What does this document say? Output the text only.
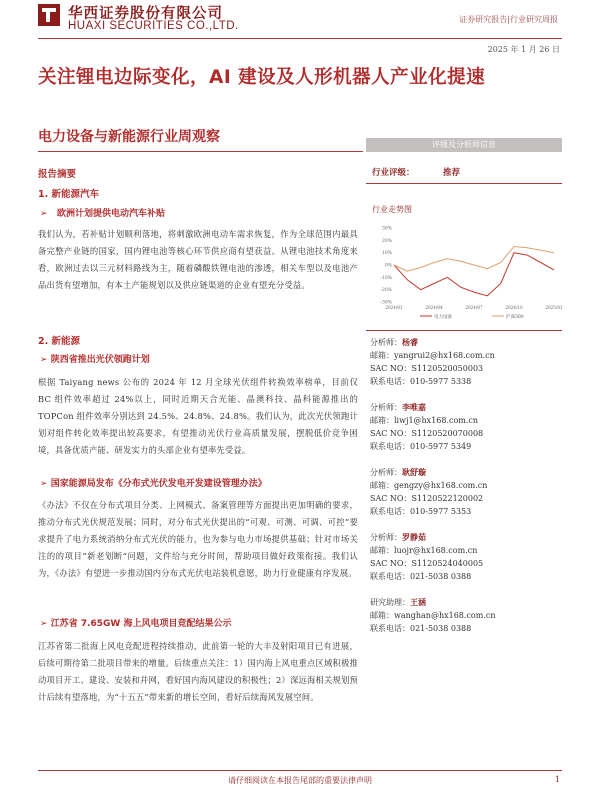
华西证券股份有限公司
HUAXI SECURITIES CO.,LTD.
证券研究报告|行业研究周报
2025 年 1 月 26 日
关注锂电边际变化，AI 建设及人形机器人产业化提速
电力设备与新能源行业周观察
报告摘要
1. 新能源汽车
➢ 欧洲计划提供电动汽车补贴
我们认为，若补贴计划顺利落地，将刺激欧洲电动车需求恢复，作为全球范围内最具备完整产业链的国家，国内锂电池等核心环节供应商有望获益。从锂电池技术角度来看，欧洲过去以三元材料路线为主，随着磷酸铁锂电池的渗透，相关车型以及电池产品出货有望增加，有本土产能规划以及供应链渠道的企业有望充分受益。
2. 新能源
➢ 陕西省推出光伏领跑计划
根据 Taiyang news 公布的 2024 年 12 月全球光伏组件转换效率榜单，目前仅 BC 组件效率超过 24%以上，同时近期天合光能、晶澳科技、晶科能源推出的 TOPCon 组件效率分别达到 24.5%、24.8%、24.8%。我们认为，此次光伏领跑计划对组件转化效率提出较高要求，有望推动光伏行业高质量发展，摆脱低价竞争困境，具备优质产能、研发实力的头部企业有望率先受益。
➢ 国家能源局发布《分布式光伏发电开发建设管理办法》
《办法》不仅在分布式项目分类、上网模式、备案管理等方面提出更加明确的要求，推动分布式光伏规范发展；同时，对分布式光伏提出的“可观、可测、可调、可控”要求提升了电力系统消纳分布式光伏的能力，也为参与电力市场提供基础；针对市场关注的的项目“新老划断”问题，文件给与充分时间，帮助项目做好政策衔接。我们认为，《办法》有望进一步推动国内分布式光伏电站装机意愿，助力行业健康有序发展。
➢ 江苏省 7.65GW 海上风电项目竞配结果公示
江苏省第二批海上风电竞配进程持续推动，此前第一轮的大丰及射阳项目已有进展，后续可期待第二批项目带来的增量。后续重点关注：1）国内海上风电重点区域积极推动项目开工、建设、安装和并网，看好国内海风建设的积极性；2）深远海相关规划预计后续有望落地，为“十五五”带来新的增长空间，看好后续海风发展空间。
评级及分析师信息
行业评级：	推荐
行业走势图
30%
20%
10%
0%
-10%
-20%
-30%
2024/01	2024/04	2024/07	2024/10	2025/01
电力设备	沪深300
分析师：杨睿
邮箱：yangrui2@hx168.com.cn
SAC NO：S1120520050003
联系电话：010-5977 5338
分析师：李唯嘉
邮箱：liwj1@hx168.com.cn
SAC NO：S1120520070008
联系电话：010-5977 5349
分析师：耿舒璇
邮箱：gengzy@hx168.com.cn
SAC NO：S1120522120002
联系电话：010-5977 5353
分析师：罗静茹
邮箱：luojr@hx168.com.cn
SAC NO：S1120524040005
联系电话：021-5038 0388
研究助理：王涵
邮箱：wanghan@hx168.com.cn
联系电话：021-5038 0388
请仔细阅读在本报告尾部的重要法律声明	1
